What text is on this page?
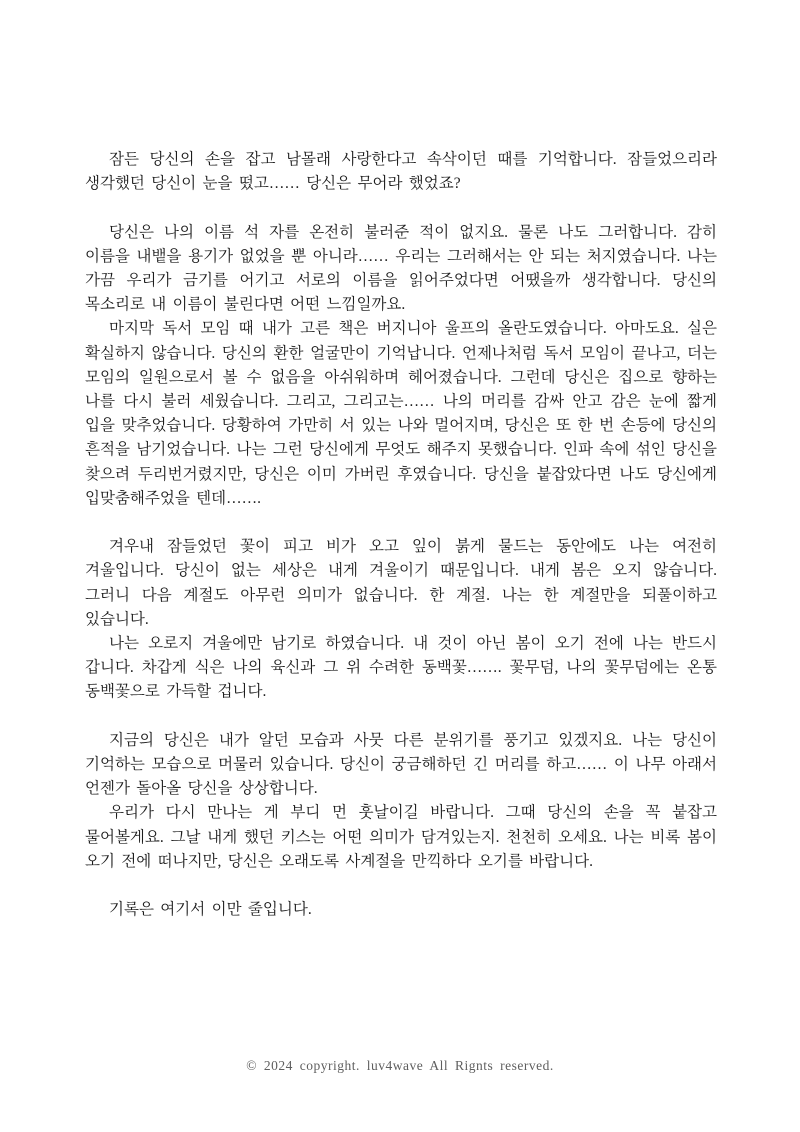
잠든 당신의 손을 잡고 남몰래 사랑한다고 속삭이던 때를 기억합니다. 잠들었으리라 생각했던 당신이 눈을 떴고…… 당신은 무어라 했었죠?

당신은 나의 이름 석 자를 온전히 불러준 적이 없지요. 물론 나도 그러합니다. 감히 이름을 내뱉을 용기가 없었을 뿐 아니라…… 우리는 그러해서는 안 되는 처지였습니다. 나는 가끔 우리가 금기를 어기고 서로의 이름을 읽어주었다면 어땠을까 생각합니다. 당신의 목소리로 내 이름이 불린다면 어떤 느낌일까요.

마지막 독서 모임 때 내가 고른 책은 버지니아 울프의 올란도였습니다. 아마도요. 실은 확실하지 않습니다. 당신의 환한 얼굴만이 기억납니다. 언제나처럼 독서 모임이 끝나고, 더는 모임의 일원으로서 볼 수 없음을 아쉬워하며 헤어졌습니다. 그런데 당신은 집으로 향하는 나를 다시 불러 세웠습니다. 그리고, 그리고는…… 나의 머리를 감싸 안고 감은 눈에 짧게 입을 맞추었습니다. 당황하여 가만히 서 있는 나와 멀어지며, 당신은 또 한 번 손등에 당신의 흔적을 남기었습니다. 나는 그런 당신에게 무엇도 해주지 못했습니다. 인파 속에 섞인 당신을 찾으려 두리번거렸지만, 당신은 이미 가버린 후였습니다. 당신을 붙잡았다면 나도 당신에게 입맞춤해주었을 텐데…….

겨우내 잠들었던 꽃이 피고 비가 오고 잎이 붉게 물드는 동안에도 나는 여전히 겨울입니다. 당신이 없는 세상은 내게 겨울이기 때문입니다. 내게 봄은 오지 않습니다. 그러니 다음 계절도 아무런 의미가 없습니다. 한 계절. 나는 한 계절만을 되풀이하고 있습니다.

나는 오로지 겨울에만 남기로 하였습니다. 내 것이 아닌 봄이 오기 전에 나는 반드시 갑니다. 차갑게 식은 나의 육신과 그 위 수려한 동백꽃……. 꽃무덤, 나의 꽃무덤에는 온통 동백꽃으로 가득할 겁니다.

지금의 당신은 내가 알던 모습과 사뭇 다른 분위기를 풍기고 있겠지요. 나는 당신이 기억하는 모습으로 머물러 있습니다. 당신이 궁금해하던 긴 머리를 하고…… 이 나무 아래서 언젠가 돌아올 당신을 상상합니다.

우리가 다시 만나는 게 부디 먼 훗날이길 바랍니다. 그때 당신의 손을 꼭 붙잡고 물어볼게요. 그날 내게 했던 키스는 어떤 의미가 담겨있는지. 천천히 오세요. 나는 비록 봄이 오기 전에 떠나지만, 당신은 오래도록 사계절을 만끽하다 오기를 바랍니다.

기록은 여기서 이만 줄입니다.

© 2024 copyright. luv4wave All Rignts reserved.
